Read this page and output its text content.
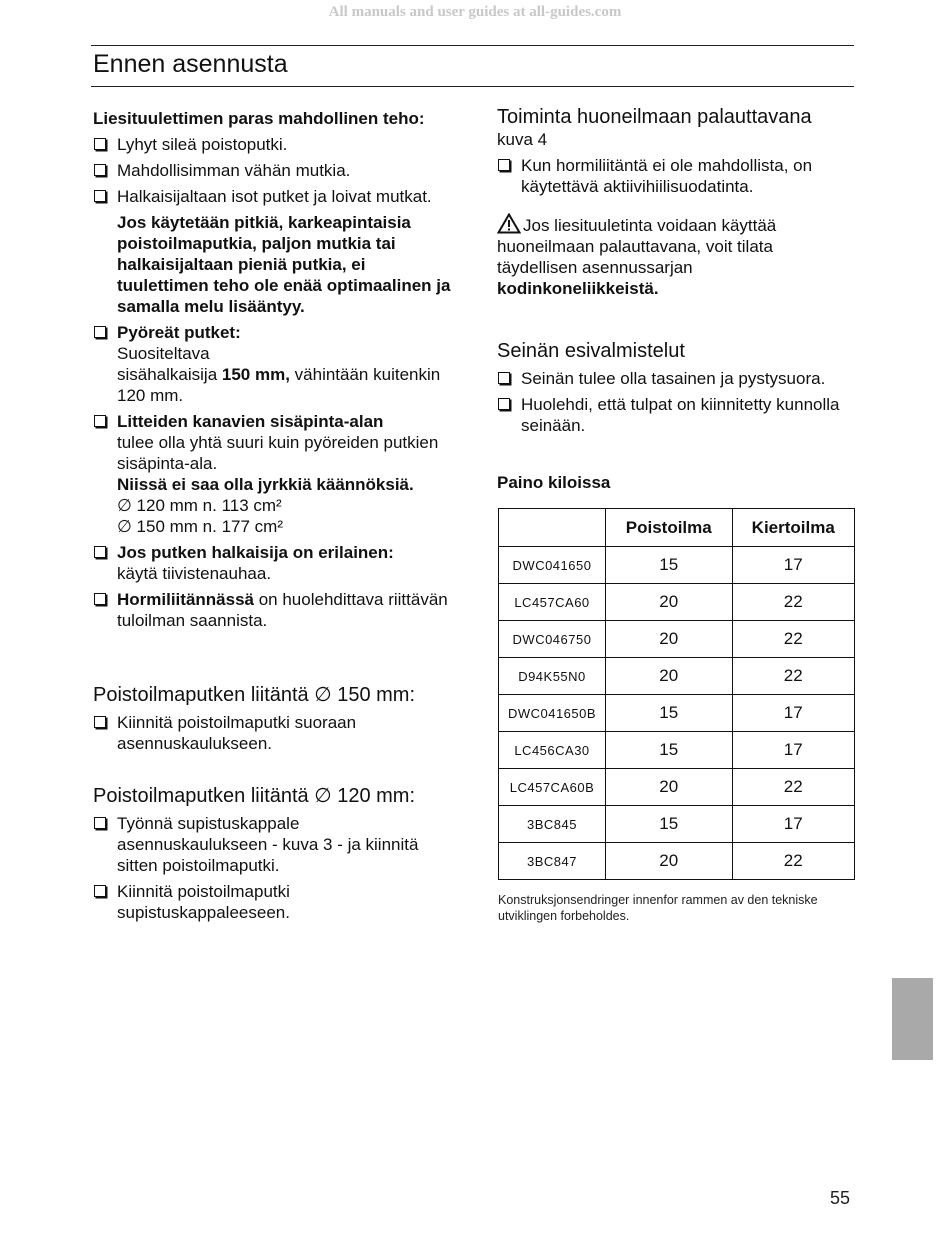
All manuals and user guides at all-guides.com
Ennen asennusta

Liesituulettimen paras mahdollinen teho:

Lyhyt sileä poistoputki.
Mahdollisimman vähän mutkia.
Halkaisijaltaan isot putket ja loivat mutkat.
Jos käytetään pitkiä, karkeapintaisia poistoilmaputkia, paljon mutkia tai halkaisijaltaan pieniä putkia, ei tuulettimen teho ole enää optimaalinen ja samalla melu lisääntyy.
Pyöreät putket:
Suositeltava
sisähalkaisija 150 mm, vähintään kuitenkin 120 mm.
Litteiden kanavien sisäpinta-alan
tulee olla yhtä suuri kuin pyöreiden putkien sisäpinta-ala.
Niissä ei saa olla jyrkkiä käännöksiä.
∅ 120 mm n. 113 cm²
∅ 150 mm n. 177 cm²
Jos putken halkaisija on erilainen:
käytä tiivistenauhaa.
Hormiliitännässä on huolehdittava riittävän tuloilman saannista.

Poistoilmaputken liitäntä ∅ 150 mm:

Kiinnitä poistoilmaputki suoraan asennuskaulukseen.

Poistoilmaputken liitäntä ∅ 120 mm:

Työnnä supistuskappale asennuskaulukseen - kuva 3 - ja kiinnitä sitten poistoilmaputki.
Kiinnitä poistoilmaputki supistuskappaleeseen.

Toiminta huoneilmaan palauttavana

kuva 4
Kun hormiliitäntä ei ole mahdollista, on käytettävä aktiivihiilisuodatinta.
Jos liesituuletinta voidaan käyttää huoneilmaan palauttavana, voit tilata täydellisen asennussarjan
kodinkoneliikkeistä.

Seinän esivalmistelut

Seinän tulee olla tasainen ja pystysuora.
Huolehdi, että tulpat on kiinnitetty kunnolla seinään.

Paino kiloissa

	Poistoilma	Kiertoilma
DWC041650	15	17
LC457CA60	20	22
DWC046750	20	22
D94K55N0	20	22
DWC041650B	15	17
LC456CA30	15	17
LC457CA60B	20	22
3BC845	15	17
3BC847	20	22
Konstruksjonsendringer innenfor rammen av den tekniske utviklingen forbeholdes.
55
